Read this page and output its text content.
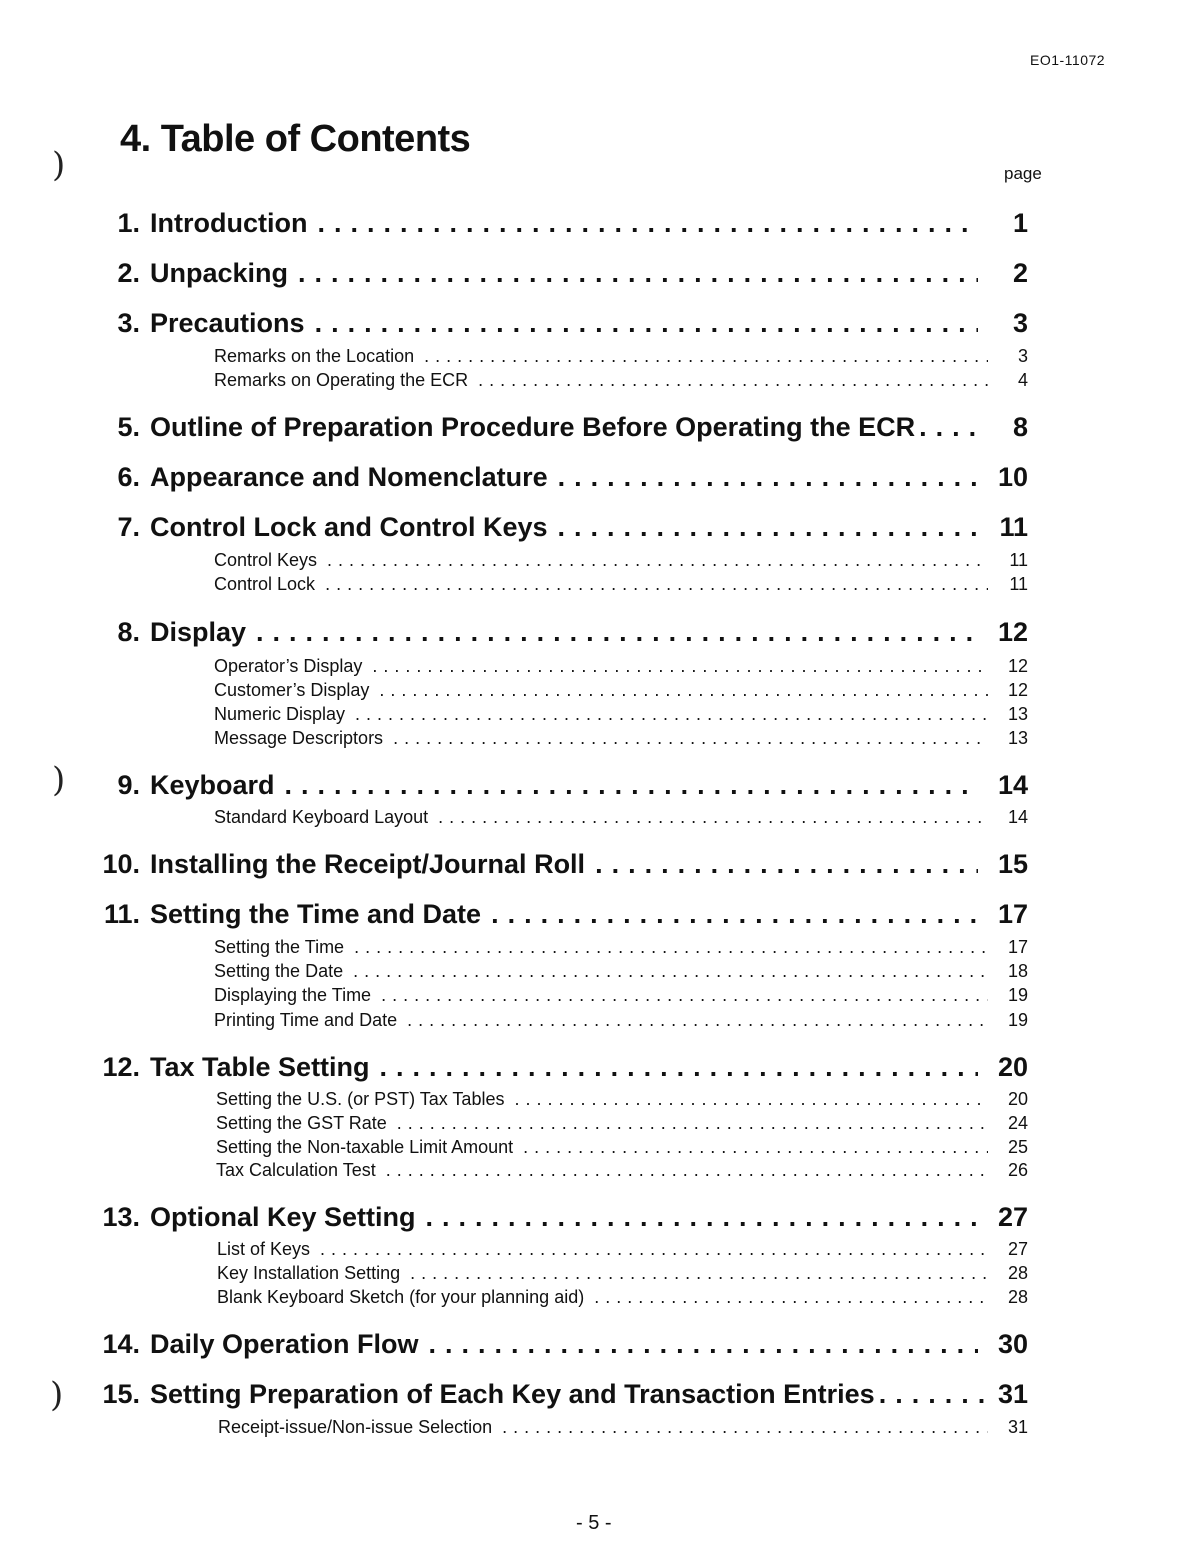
EO1-11072
4. Table of Contents
page
)
)
)
1. Introduction .....	1
2. Unpacking .....	2
3. Precautions .....	3
Remarks on the Location .....	3
Remarks on Operating the ECR .....	4
5. Outline of Preparation Procedure Before Operating the ECR .....	8
6. Appearance and Nomenclature .....	10
7. Control Lock and Control Keys .....	11
Control Keys .....	11
Control Lock .....	11
8. Display .....	12
Operator’s Display .....	12
Customer’s Display .....	12
Numeric Display .....	13
Message Descriptors .....	13
9. Keyboard .....	14
Standard Keyboard Layout .....	14
10. Installing the Receipt/Journal Roll .....	15
11. Setting the Time and Date .....	17
Setting the Time .....	17
Setting the Date .....	18
Displaying the Time .....	19
Printing Time and Date .....	19
12. Tax Table Setting .....	20
Setting the U.S. (or PST) Tax Tables .....	20
Setting the GST Rate .....	24
Setting the Non-taxable Limit Amount .....	25
Tax Calculation Test .....	26
13. Optional Key Setting .....	27
List of Keys .....	27
Key Installation Setting .....	28
Blank Keyboard Sketch (for your planning aid) .....	28
14. Daily Operation Flow .....	30
15. Setting Preparation of Each Key and Transaction Entries .....	31
Receipt-issue/Non-issue Selection .....	31
- 5 -
